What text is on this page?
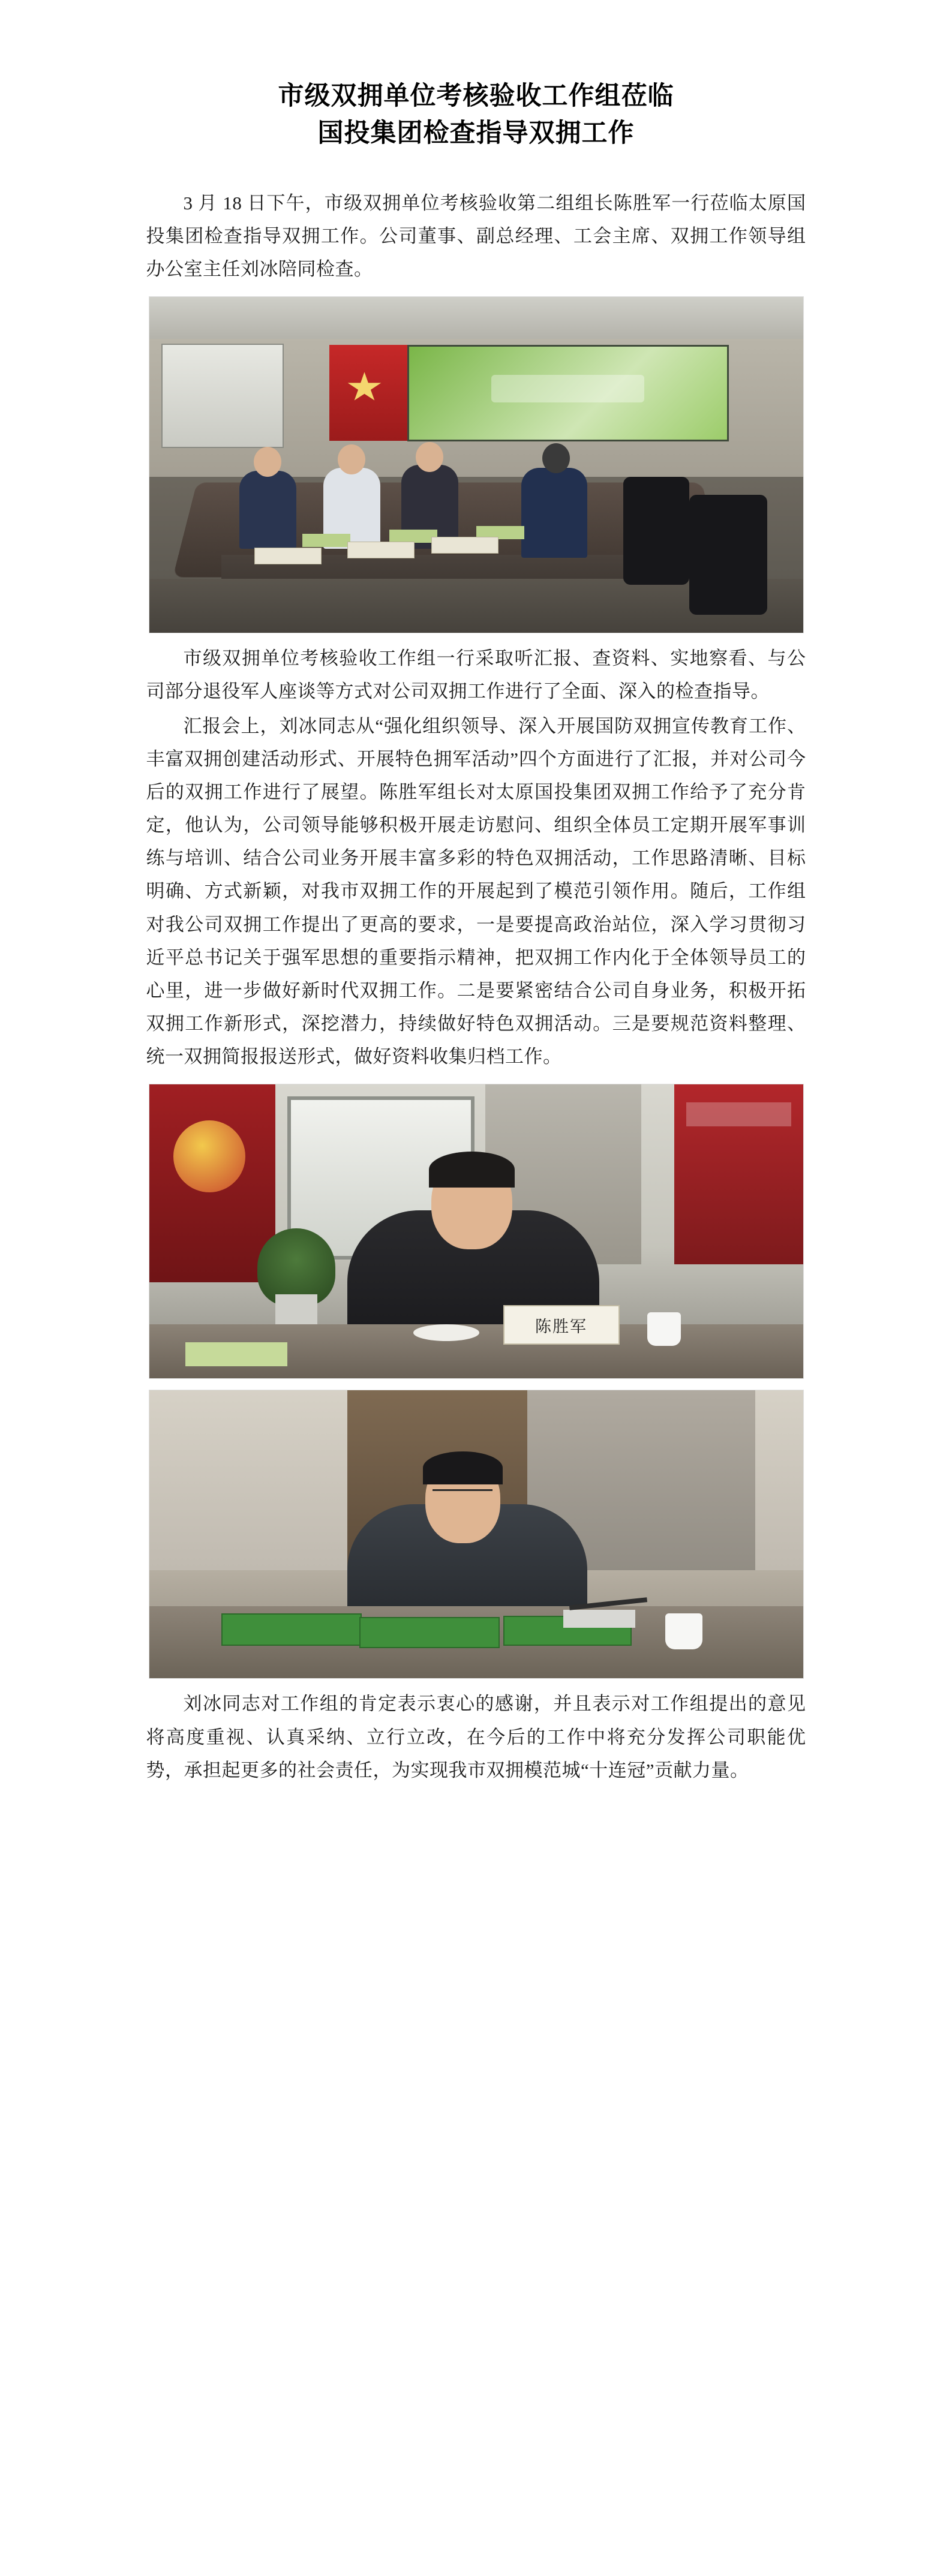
市级双拥单位考核验收工作组莅临
国投集团检查指导双拥工作

3 月 18 日下午，市级双拥单位考核验收第二组组长陈胜军一行莅临太原国投集团检查指导双拥工作。公司董事、副总经理、工会主席、双拥工作领导组办公室主任刘冰陪同检查。

市级双拥单位考核验收工作组一行采取听汇报、查资料、实地察看、与公司部分退役军人座谈等方式对公司双拥工作进行了全面、深入的检查指导。

汇报会上，刘冰同志从“强化组织领导、深入开展国防双拥宣传教育工作、丰富双拥创建活动形式、开展特色拥军活动”四个方面进行了汇报，并对公司今后的双拥工作进行了展望。陈胜军组长对太原国投集团双拥工作给予了充分肯定，他认为，公司领导能够积极开展走访慰问、组织全体员工定期开展军事训练与培训、结合公司业务开展丰富多彩的特色双拥活动，工作思路清晰、目标明确、方式新颖，对我市双拥工作的开展起到了模范引领作用。随后，工作组对我公司双拥工作提出了更高的要求，一是要提高政治站位，深入学习贯彻习近平总书记关于强军思想的重要指示精神，把双拥工作内化于全体领导员工的心里，进一步做好新时代双拥工作。二是要紧密结合公司自身业务，积极开拓双拥工作新形式，深挖潜力，持续做好特色双拥活动。三是要规范资料整理、统一双拥简报报送形式，做好资料收集归档工作。

陈胜军

刘冰同志对工作组的肯定表示衷心的感谢，并且表示对工作组提出的意见将高度重视、认真采纳、立行立改，在今后的工作中将充分发挥公司职能优势，承担起更多的社会责任，为实现我市双拥模范城“十连冠”贡献力量。
